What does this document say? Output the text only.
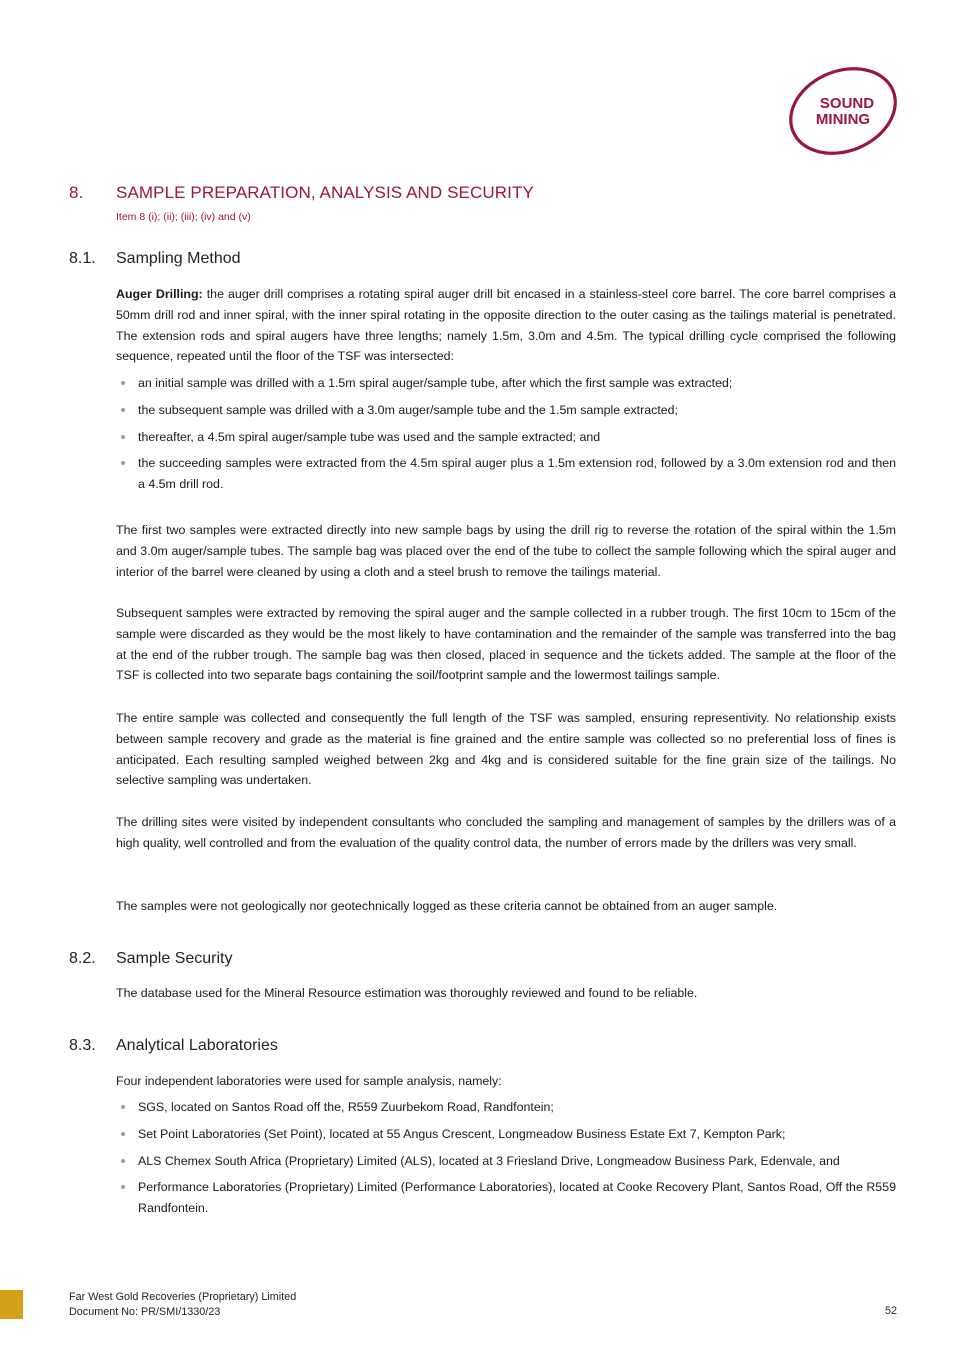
SOUND
MINING
8. SAMPLE PREPARATION, ANALYSIS AND SECURITY
Item 8 (i); (ii); (iii); (iv) and (v)
8.1. Sampling Method

Auger Drilling: the auger drill comprises a rotating spiral auger drill bit encased in a stainless-steel core barrel. The core barrel comprises a 50mm drill rod and inner spiral, with the inner spiral rotating in the opposite direction to the outer casing as the tailings material is penetrated. The extension rods and spiral augers have three lengths; namely 1.5m, 3.0m and 4.5m. The typical drilling cycle comprised the following sequence, repeated until the floor of the TSF was intersected:

an initial sample was drilled with a 1.5m spiral auger/sample tube, after which the first sample was extracted;
the subsequent sample was drilled with a 3.0m auger/sample tube and the 1.5m sample extracted;
thereafter, a 4.5m spiral auger/sample tube was used and the sample extracted; and
the succeeding samples were extracted from the 4.5m spiral auger plus a 1.5m extension rod, followed by a 3.0m extension rod and then a 4.5m drill rod.

The first two samples were extracted directly into new sample bags by using the drill rig to reverse the rotation of the spiral within the 1.5m and 3.0m auger/sample tubes. The sample bag was placed over the end of the tube to collect the sample following which the spiral auger and interior of the barrel were cleaned by using a cloth and a steel brush to remove the tailings material.

Subsequent samples were extracted by removing the spiral auger and the sample collected in a rubber trough. The first 10cm to 15cm of the sample were discarded as they would be the most likely to have contamination and the remainder of the sample was transferred into the bag at the end of the rubber trough. The sample bag was then closed, placed in sequence and the tickets added. The sample at the floor of the TSF is collected into two separate bags containing the soil/footprint sample and the lowermost tailings sample.

The entire sample was collected and consequently the full length of the TSF was sampled, ensuring representivity. No relationship exists between sample recovery and grade as the material is fine grained and the entire sample was collected so no preferential loss of fines is anticipated. Each resulting sampled weighed between 2kg and 4kg and is considered suitable for the fine grain size of the tailings. No selective sampling was undertaken.

The drilling sites were visited by independent consultants who concluded the sampling and management of samples by the drillers was of a high quality, well controlled and from the evaluation of the quality control data, the number of errors made by the drillers was very small.

The samples were not geologically nor geotechnically logged as these criteria cannot be obtained from an auger sample.

8.2. Sample Security

The database used for the Mineral Resource estimation was thoroughly reviewed and found to be reliable.

8.3. Analytical Laboratories

Four independent laboratories were used for sample analysis, namely:

SGS, located on Santos Road off the, R559 Zuurbekom Road, Randfontein;
Set Point Laboratories (Set Point), located at 55 Angus Crescent, Longmeadow Business Estate Ext 7, Kempton Park;
ALS Chemex South Africa (Proprietary) Limited (ALS), located at 3 Friesland Drive, Longmeadow Business Park, Edenvale, and
Performance Laboratories (Proprietary) Limited (Performance Laboratories), located at Cooke Recovery Plant, Santos Road, Off the R559 Randfontein.
Far West Gold Recoveries (Proprietary) Limited
Document No: PR/SMI/1330/23	52
